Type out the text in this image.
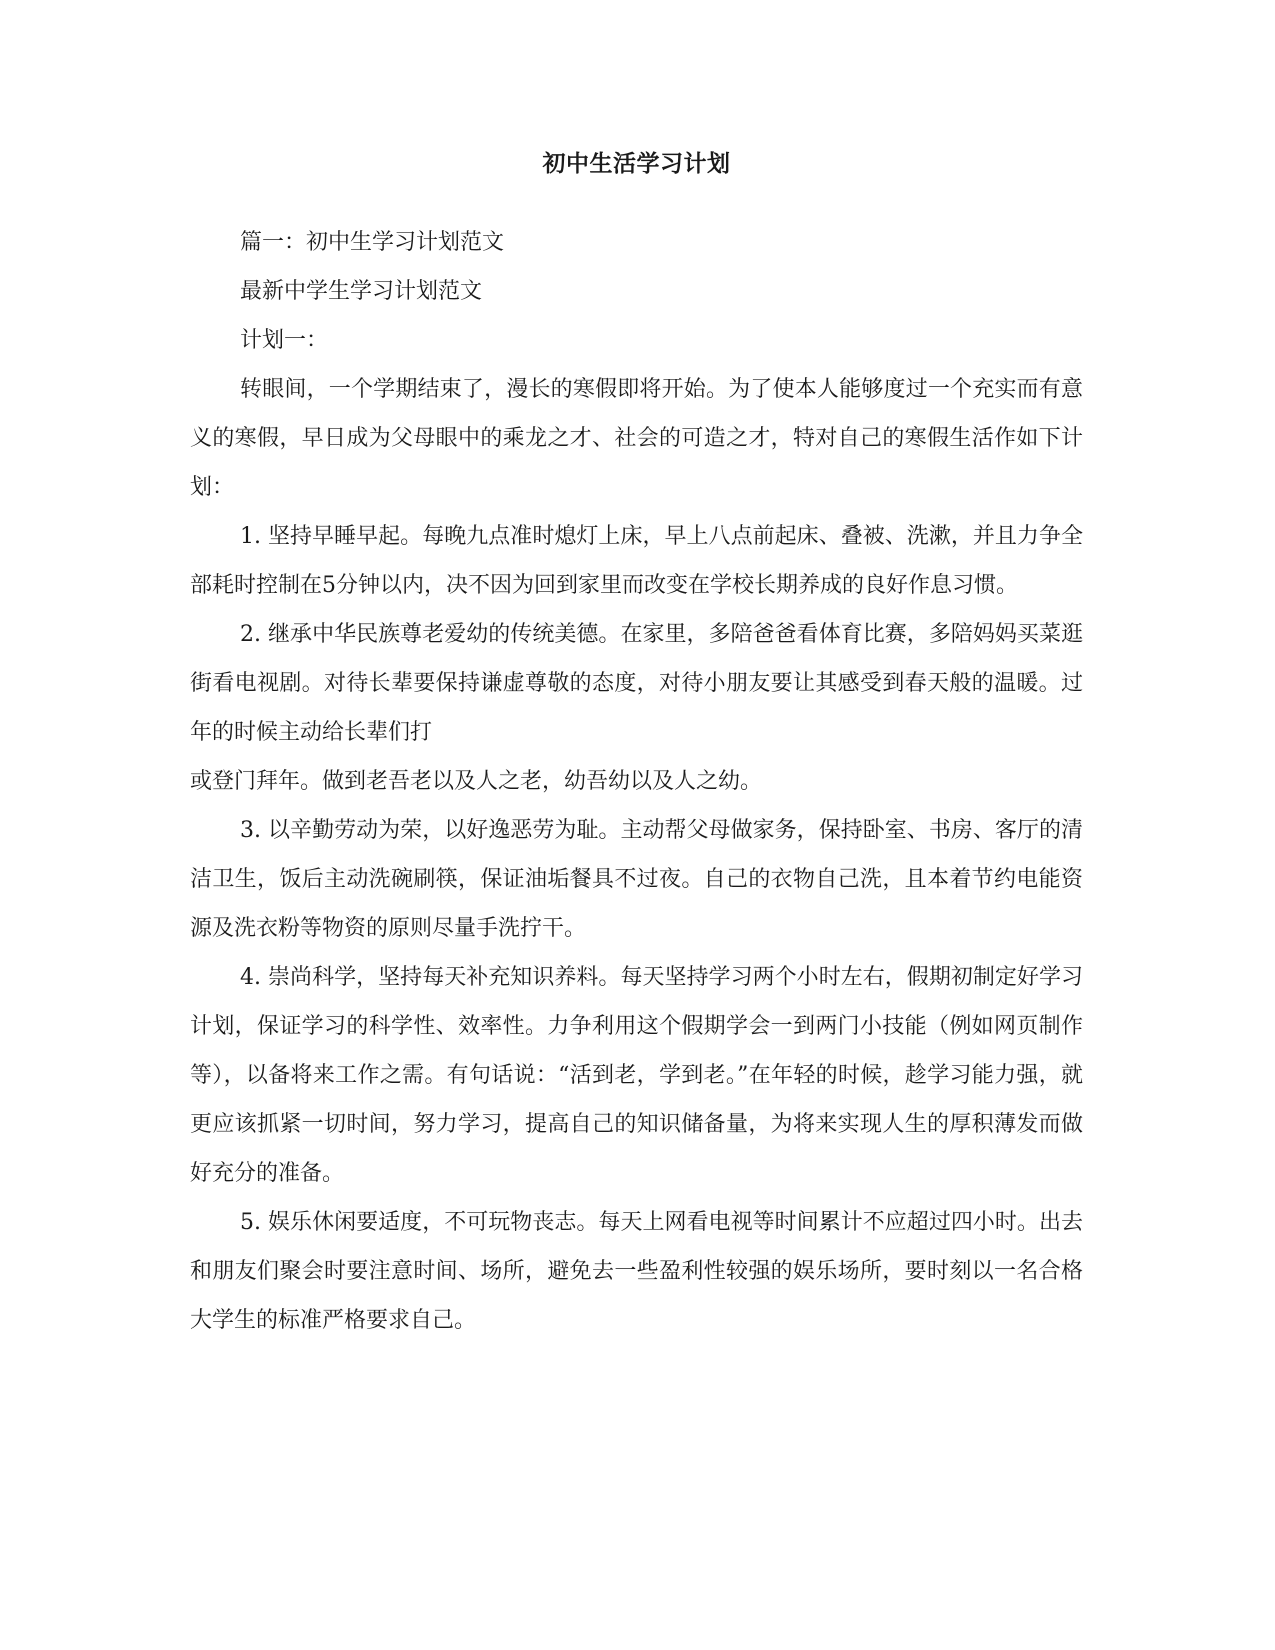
初中生活学习计划

篇一：初中生学习计划范文

最新中学生学习计划范文

计划一：

转眼间，一个学期结束了，漫长的寒假即将开始。为了使本人能够度过一个充实而有意义的寒假，早日成为父母眼中的乘龙之才、社会的可造之才，特对自己的寒假生活作如下计划：

1. 坚持早睡早起。每晚九点准时熄灯上床，早上八点前起床、叠被、洗漱，并且力争全部耗时控制在5分钟以内，决不因为回到家里而改变在学校长期养成的良好作息习惯。

2. 继承中华民族尊老爱幼的传统美德。在家里，多陪爸爸看体育比赛，多陪妈妈买菜逛街看电视剧。对待长辈要保持谦虚尊敬的态度，对待小朋友要让其感受到春天般的温暖。过年的时候主动给长辈们打

或登门拜年。做到老吾老以及人之老，幼吾幼以及人之幼。

3. 以辛勤劳动为荣，以好逸恶劳为耻。主动帮父母做家务，保持卧室、书房、客厅的清洁卫生，饭后主动洗碗刷筷，保证油垢餐具不过夜。自己的衣物自己洗，且本着节约电能资源及洗衣粉等物资的原则尽量手洗拧干。

4. 崇尚科学，坚持每天补充知识养料。每天坚持学习两个小时左右，假期初制定好学习计划，保证学习的科学性、效率性。力争利用这个假期学会一到两门小技能（例如网页制作等），以备将来工作之需。有句话说：“活到老，学到老。”在年轻的时候，趁学习能力强，就更应该抓紧一切时间，努力学习，提高自己的知识储备量，为将来实现人生的厚积薄发而做好充分的准备。

5. 娱乐休闲要适度，不可玩物丧志。每天上网看电视等时间累计不应超过四小时。出去和朋友们聚会时要注意时间、场所，避免去一些盈利性较强的娱乐场所，要时刻以一名合格大学生的标准严格要求自己。
